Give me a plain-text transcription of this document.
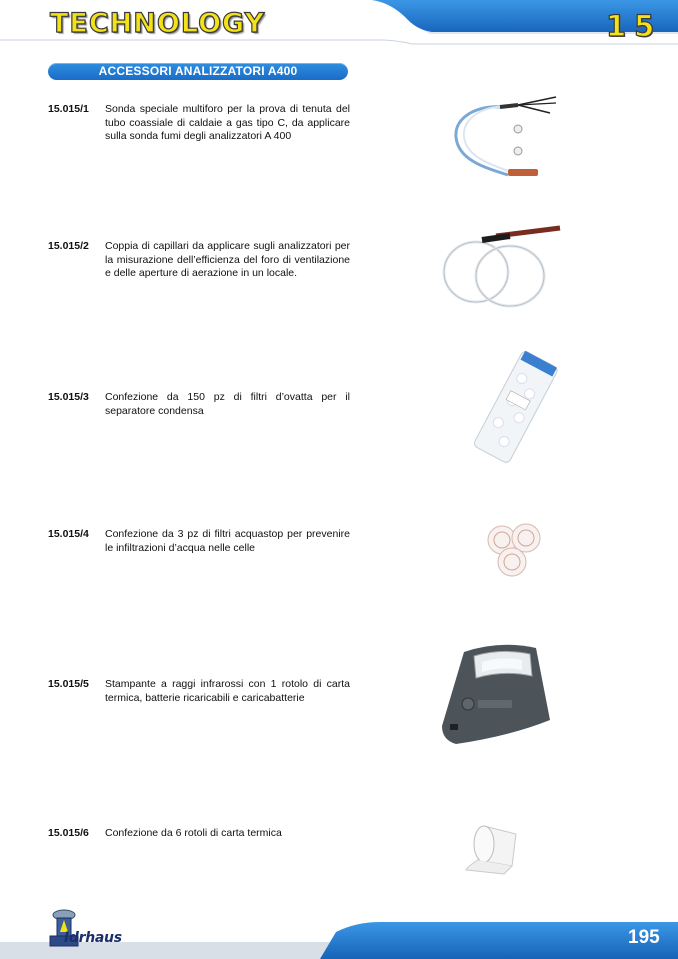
TECHNOLOGY	15
ACCESSORI ANALIZZATORI A400
15.015/1 Sonda speciale multiforo per la prova di tenuta del tubo coassiale di caldaie a gas tipo C, da applicare sulla sonda fumi degli analizzatori A 400
15.015/2 Coppia di capillari da applicare sugli analizzatori per la misurazione dell’efficienza del foro di ventilazione e delle aperture di aerazione in un locale.
15.015/3 Confezione da 150 pz di filtri d’ovatta per il separatore condensa
15.015/4 Confezione da 3 pz di filtri acquastop per prevenire le infiltrazioni d’acqua nelle celle
15.015/5 Stampante a raggi infrarossi con 1 rotolo di carta termica, batterie ricaricabili e caricabatterie
15.015/6 Confezione da 6 rotoli di carta termica
Idrhaus	195
